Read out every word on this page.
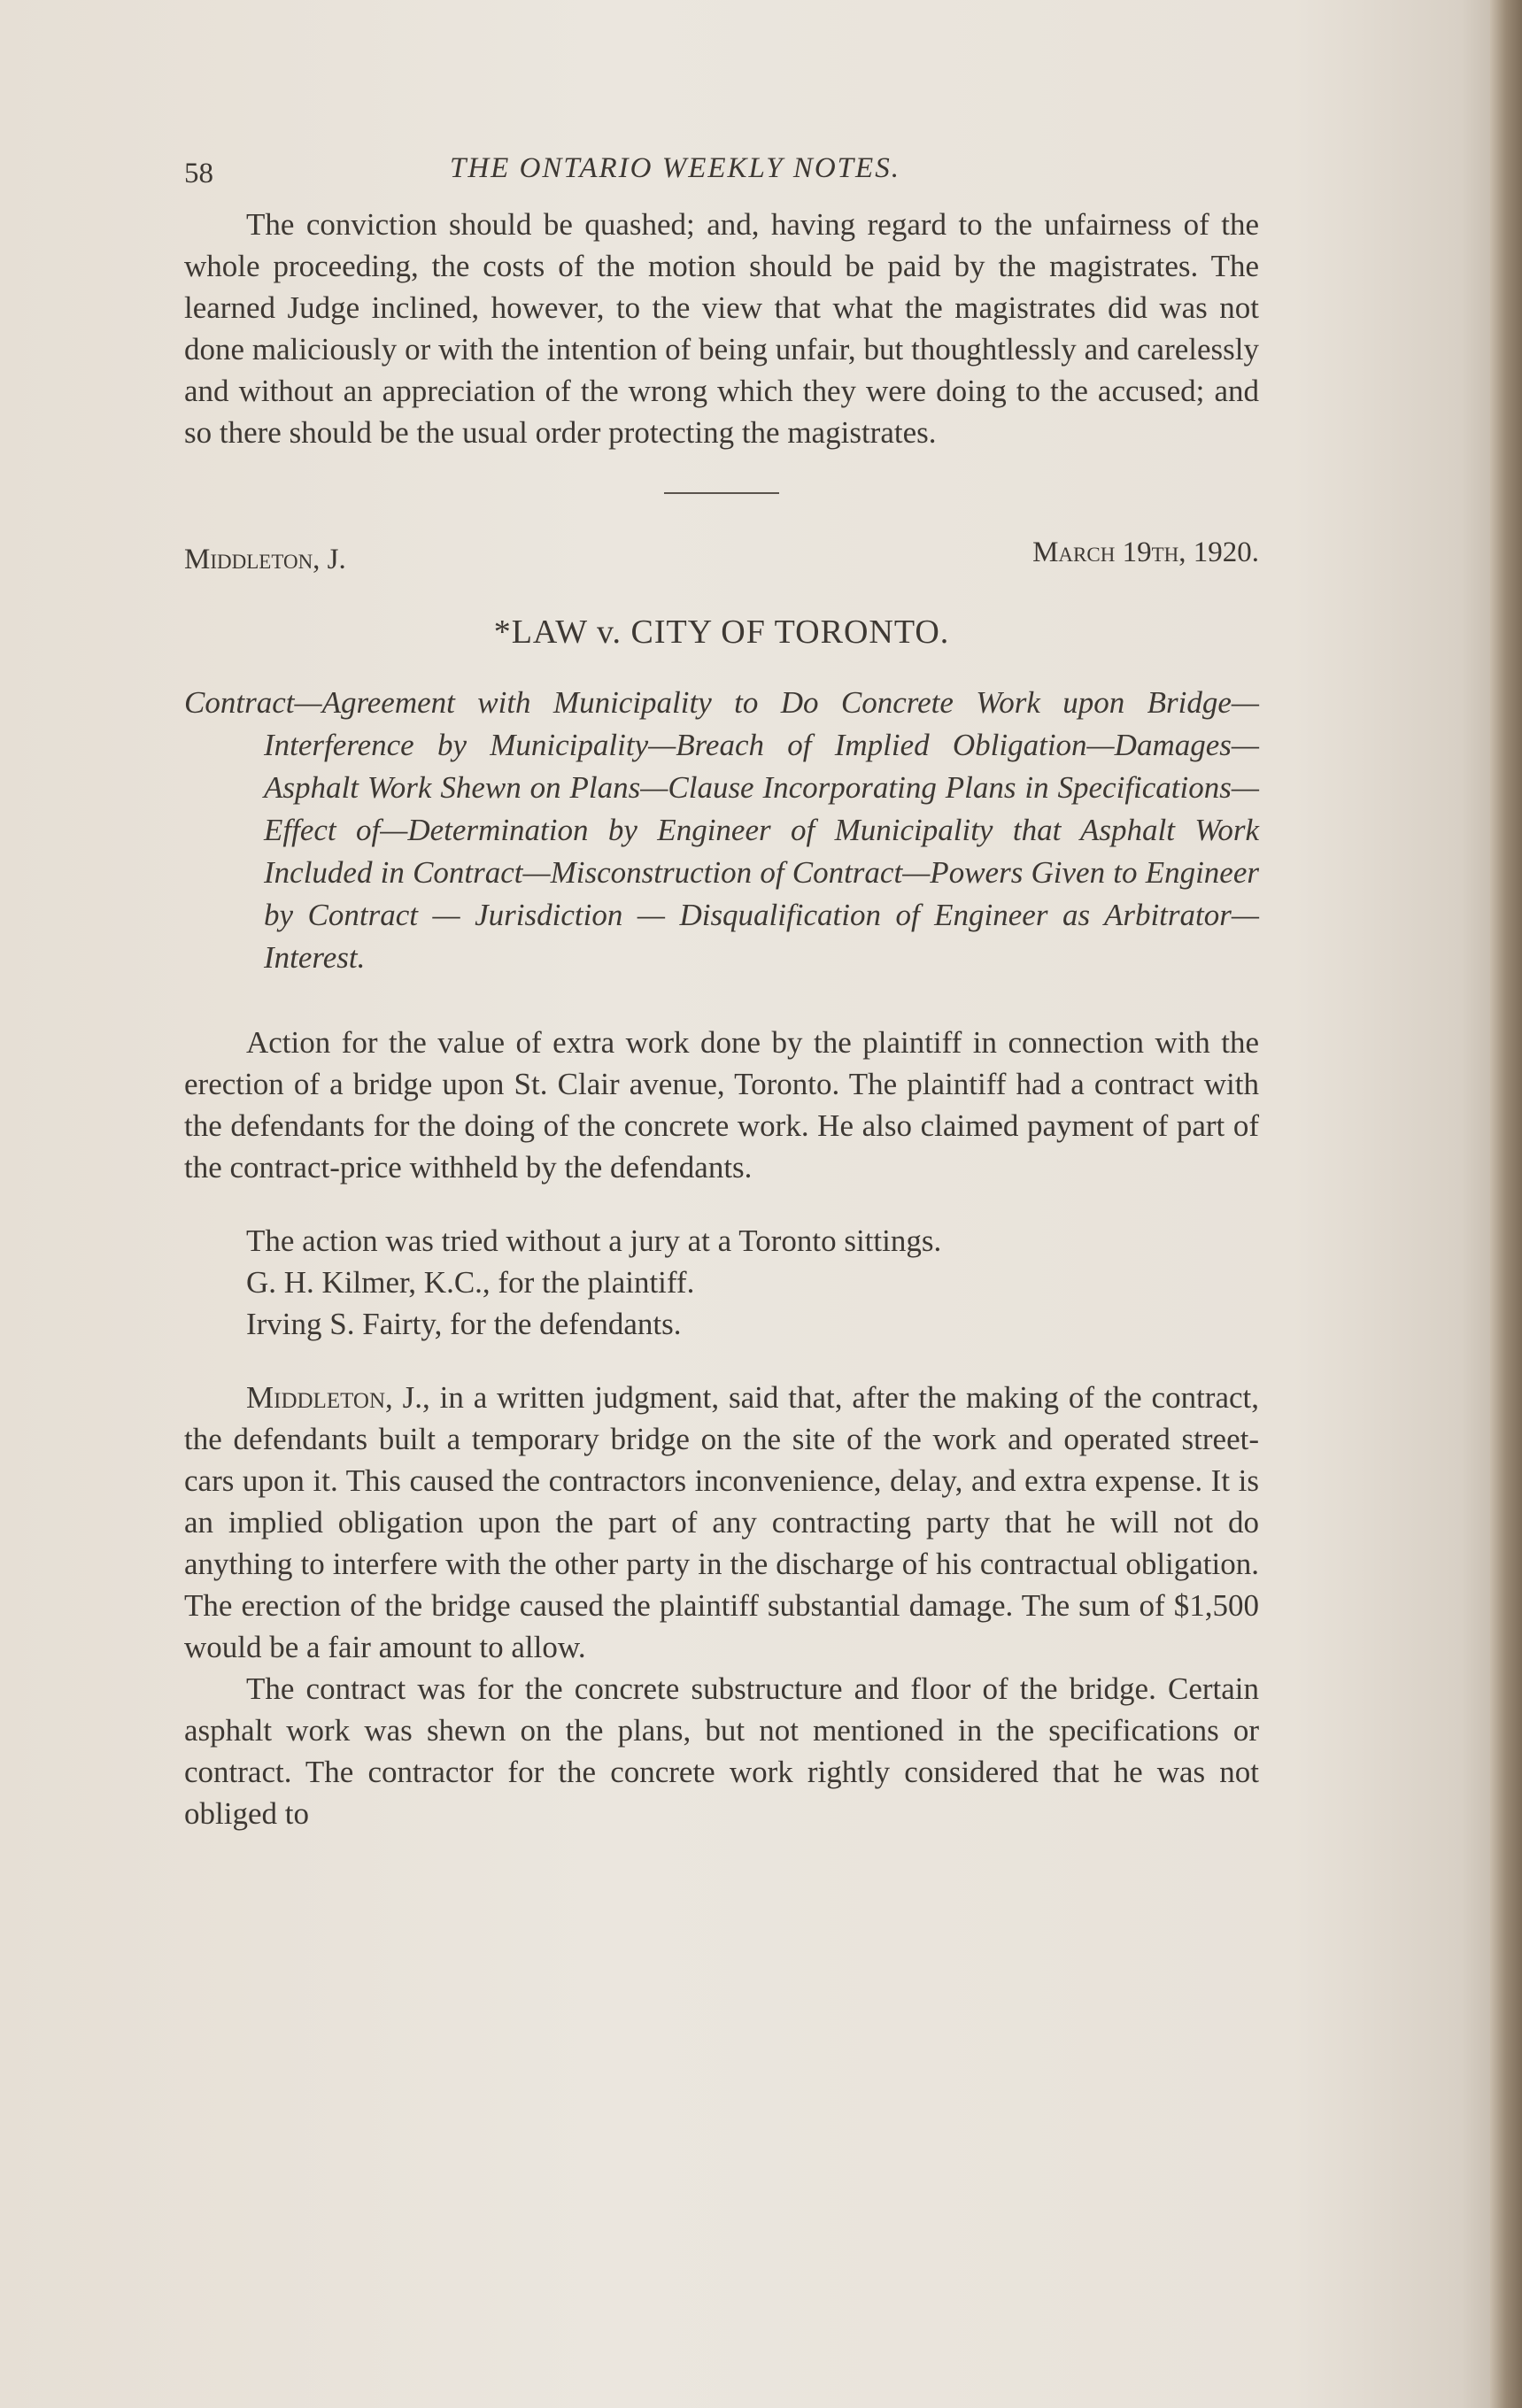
58	THE ONTARIO WEEKLY NOTES.

The conviction should be quashed; and, having regard to the unfairness of the whole proceeding, the costs of the motion should be paid by the magistrates. The learned Judge inclined, however, to the view that what the magistrates did was not done maliciously or with the intention of being unfair, but thoughtlessly and carelessly and without an appreciation of the wrong which they were doing to the accused; and so there should be the usual order protecting the magistrates.

Middleton, J.	March 19th, 1920.
*LAW v. CITY OF TORONTO.

Contract—Agreement with Municipality to Do Concrete Work upon Bridge—Interference by Municipality—Breach of Implied Obligation—Damages—Asphalt Work Shewn on Plans—Clause Incorporating Plans in Specifications—Effect of—Determination by Engineer of Municipality that Asphalt Work Included in Contract—Misconstruction of Contract—Powers Given to Engineer by Contract — Jurisdiction — Disqualification of Engineer as Arbitrator—Interest.

Action for the value of extra work done by the plaintiff in connection with the erection of a bridge upon St. Clair avenue, Toronto. The plaintiff had a contract with the defendants for the doing of the concrete work. He also claimed payment of part of the contract-price withheld by the defendants.

The action was tried without a jury at a Toronto sittings.
G. H. Kilmer, K.C., for the plaintiff.
Irving S. Fairty, for the defendants.

Middleton, J., in a written judgment, said that, after the making of the contract, the defendants built a temporary bridge on the site of the work and operated street-cars upon it. This caused the contractors inconvenience, delay, and extra expense. It is an implied obligation upon the part of any contracting party that he will not do anything to interfere with the other party in the discharge of his contractual obligation. The erection of the bridge caused the plaintiff substantial damage. The sum of $1,500 would be a fair amount to allow.

The contract was for the concrete substructure and floor of the bridge. Certain asphalt work was shewn on the plans, but not mentioned in the specifications or contract. The contractor for the concrete work rightly considered that he was not obliged to
